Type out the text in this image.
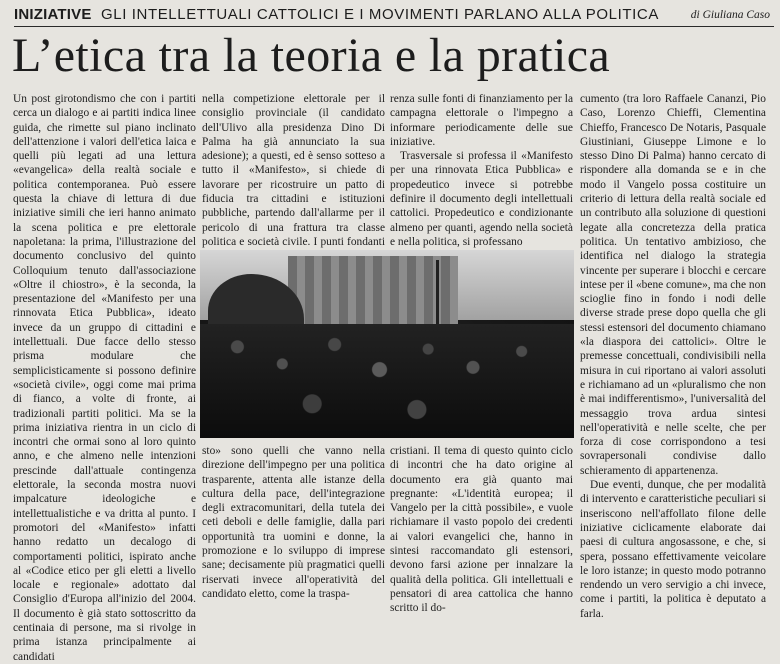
INIZIATIVE GLI INTELLETTUALI CATTOLICI E I MOVIMENTI PARLANO ALLA POLITICA	di Giuliana Caso
L’etica tra la teoria e la pratica

Un post girotondismo che con i partiti cerca un dialogo e ai partiti indica linee guida, che rimette sul piano inclinato dell'attenzione i valori dell'etica laica e quelli più legati ad una lettura «evangelica» della realtà sociale e politica contemporanea. Può essere questa la chiave di lettura di due iniziative simili che ieri hanno animato la scena politica e pre elettorale napoletana: la prima, l'illustrazione del documento conclusivo del quinto Colloquium tenuto dall'associazione «Oltre il chiostro», è la seconda, la presentazione del «Manifesto per una rinnovata Etica Pubblica», ideato invece da un gruppo di cittadini e intellettuali. Due facce dello stesso prisma modulare che semplicisticamente si possono definire «società civile», oggi come mai prima di fianco, a volte di fronte, ai tradizionali partiti politici. Ma se la prima iniziativa rientra in un ciclo di incontri che ormai sono al loro quinto anno, e che almeno nelle intenzioni prescinde dall'attuale contingenza elettorale, la seconda mostra nuovi impalcature ideologiche e intellettualistiche e va dritta al punto. I promotori del «Manifesto» infatti hanno redatto un decalogo di comportamenti politici, ispirato anche al «Codice etico per gli eletti a livello locale e regionale» adottato dal Consiglio d'Europa all'inizio del 2004. Il documento è già stato sottoscritto da centinaia di persone, ma si rivolge in prima istanza principalmente ai candidati

nella competizione elettorale per il consiglio provinciale (il candidato dell'Ulivo alla presidenza Dino Di Palma ha già annunciato la sua adesione); a questi, ed è senso sotteso a tutto il «Manifesto», si chiede di lavorare per ricostruire un patto di fiducia tra cittadini e istituzioni pubbliche, partendo dall'allarme per il pericolo di una frattura tra classe politica e società civile. I punti fondanti

renza sulle fonti di finanziamento per la campagna elettorale o l'impegno a informare periodicamente delle sue iniziative.

Trasversale si professa il «Manifesto per una rinnovata Etica Pubblica» e propedeutico invece si potrebbe definire il documento degli intellettuali cattolici. Propedeutico e condizionante almeno per quanti, agendo nella società e nella politica, si professano

sto» sono quelli che vanno nella direzione dell'impegno per una politica trasparente, attenta alle istanze della cultura della pace, dell'integrazione degli extracomunitari, della tutela dei ceti deboli e delle famiglie, dalla pari opportunità tra uomini e donne, la promozione e lo sviluppo di imprese sane; decisamente più pragmatici quelli riservati invece all'operatività del candidato eletto, come la traspa-

cristiani. Il tema di questo quinto ciclo di incontri che ha dato origine al documento era già quanto mai pregnante: «L'identità europea; il Vangelo per la città possibile», e vuole richiamare il vasto popolo dei credenti ai valori evangelici che, hanno in sintesi raccomandato gli estensori, devono farsi azione per innalzare la qualità della politica. Gli intellettuali e pensatori di area cattolica che hanno scritto il do-

cumento (tra loro Raffaele Cananzi, Pio Caso, Lorenzo Chieffi, Clementina Chieffo, Francesco De Notaris, Pasquale Giustiniani, Giuseppe Limone e lo stesso Dino Di Palma) hanno cercato di rispondere alla domanda se e in che modo il Vangelo possa costituire un criterio di lettura della realtà sociale ed un contributo alla soluzione di questioni legate alla concretezza della pratica politica. Un tentativo ambizioso, che identifica nel dialogo la strategia vincente per superare i blocchi e cercare intese per il «bene comune», ma che non scioglie fino in fondo i nodi delle diverse strade prese dopo quella che gli stessi estensori del documento chiamano «la diaspora dei cattolici». Oltre le premesse concettuali, condivisibili nella misura in cui riportano ai valori assoluti e richiamano ad un «pluralismo che non è mai indifferentismo», l'universalità del messaggio trova ardua sintesi nell'operatività e nelle scelte, che per forza di cose corrispondono a tesi sovrapersonali condivise dallo schieramento di appartenenza.

Due eventi, dunque, che per modalità di intervento e caratteristiche peculiari si inseriscono nell'affollato filone delle iniziative ciclicamente elaborate dai paesi di cultura angosassone, e che, si spera, possano effettivamente veicolare le loro istanze; in questo modo potranno rendendo un vero servigio a chi invece, come i partiti, la politica è deputato a farla.
